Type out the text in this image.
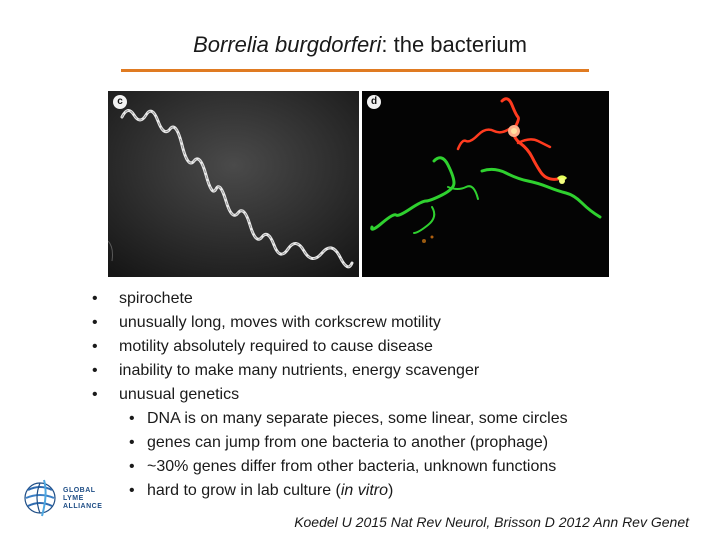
Borrelia burgdorferi: the bacterium
c	d
• spirochete
• unusually long, moves with corkscrew motility
• motility absolutely required to cause disease
• inability to make many nutrients, energy scavenger
• unusual genetics
• DNA is on many separate pieces, some linear, some circles
• genes can jump from one bacteria to another (prophage)
• ~30% genes differ from other bacteria, unknown functions
• hard to grow in lab culture (in vitro)
GLOBAL
LYME
ALLIANCE
Koedel U 2015 Nat Rev Neurol, Brisson D 2012 Ann Rev Genet
